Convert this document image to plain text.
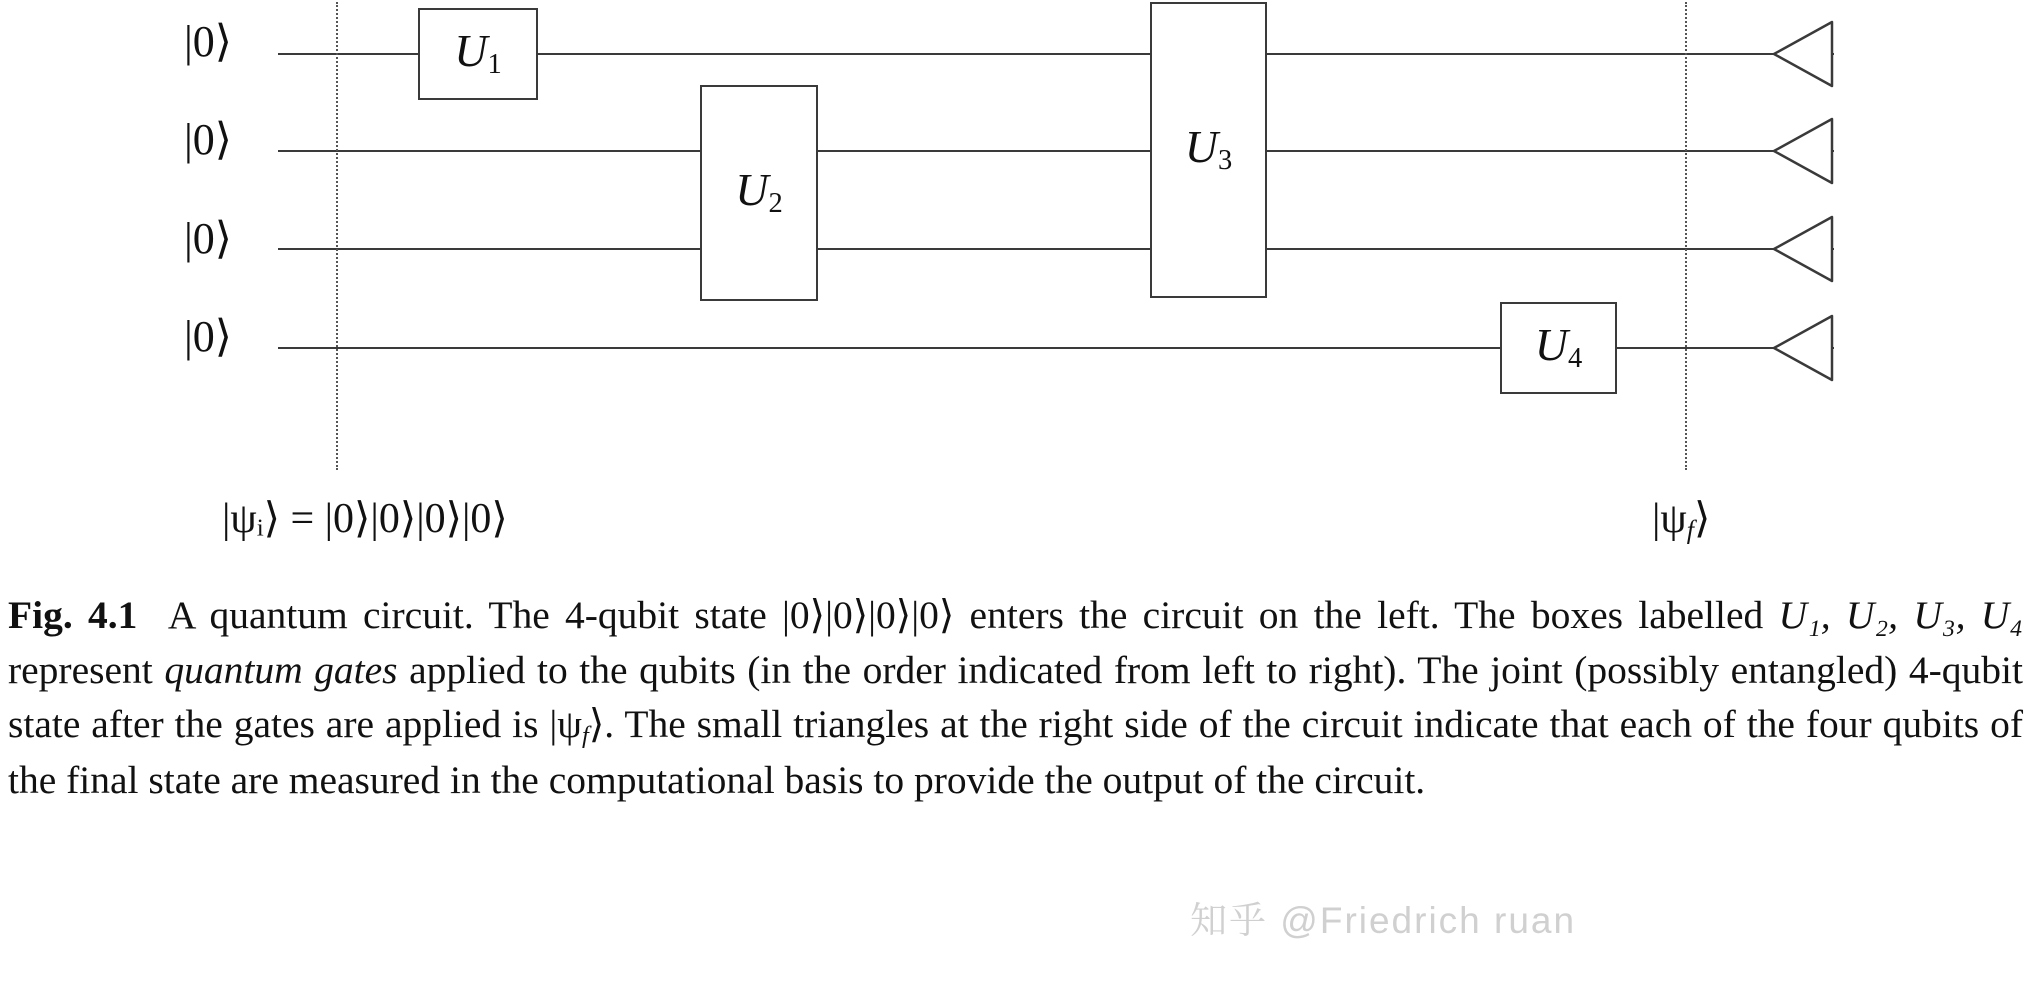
|0⟩
|0⟩
|0⟩
|0⟩
$U_1$
$U_2$
$U_3$
$U_4$
|ψᵢ⟩ = |0⟩|0⟩|0⟩|0⟩	$|\psi_f⟩$
Fig. 4.1 A quantum circuit. The 4-qubit state |0⟩|0⟩|0⟩|0⟩ enters the circuit on the left. The boxes labelled U₁, U₂, U₃, U₄ represent quantum gates applied to the qubits (in the order indicated from left to right). The joint (possibly entangled) 4-qubit state after the gates are applied is $|\psi_f⟩$. The small triangles at the right side of the circuit indicate that each of the four qubits of the final state are measured in the computational basis to provide the output of the circuit.
知乎 @Friedrich ruan
